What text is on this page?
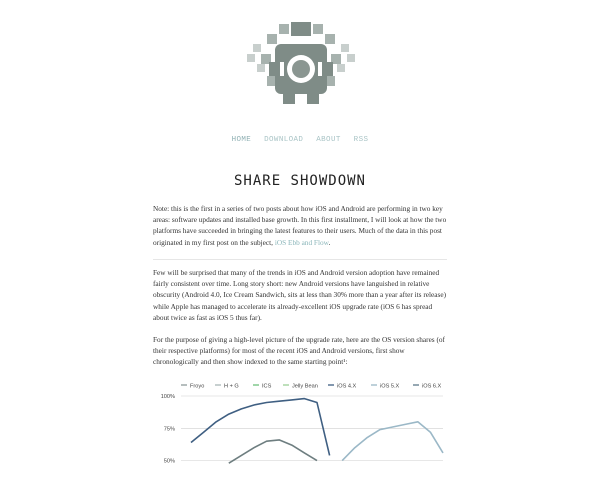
HOME DOWNLOAD ABOUT RSS
SHARE SHOWDOWN

Note: this is the first in a series of two posts about how iOS and Android are performing in two key areas: software updates and installed base growth. In this first installment, I will look at how the two platforms have succeeded in bringing the latest features to their users. Much of the data in this post originated in my first post on the subject, iOS Ebb and Flow.

Few will be surprised that many of the trends in iOS and Android version adoption have remained fairly consistent over time. Long story short: new Android versions have languished in relative obscurity (Android 4.0, Ice Cream Sandwich, sits at less than 30% more than a year after its release) while Apple has managed to accelerate its already-excellent iOS upgrade rate (iOS 6 has spread about twice as fast as iOS 5 thus far).

For the purpose of giving a high-level picture of the upgrade rate, here are the OS version shares (of their respective platforms) for most of the recent iOS and Android versions, first show chronologically and then show indexed to the same starting point¹:

Froyo	H + G	ICS	Jelly Bean	iOS 4.X	iOS 5.X	iOS 6.X
100%
75%
50%
